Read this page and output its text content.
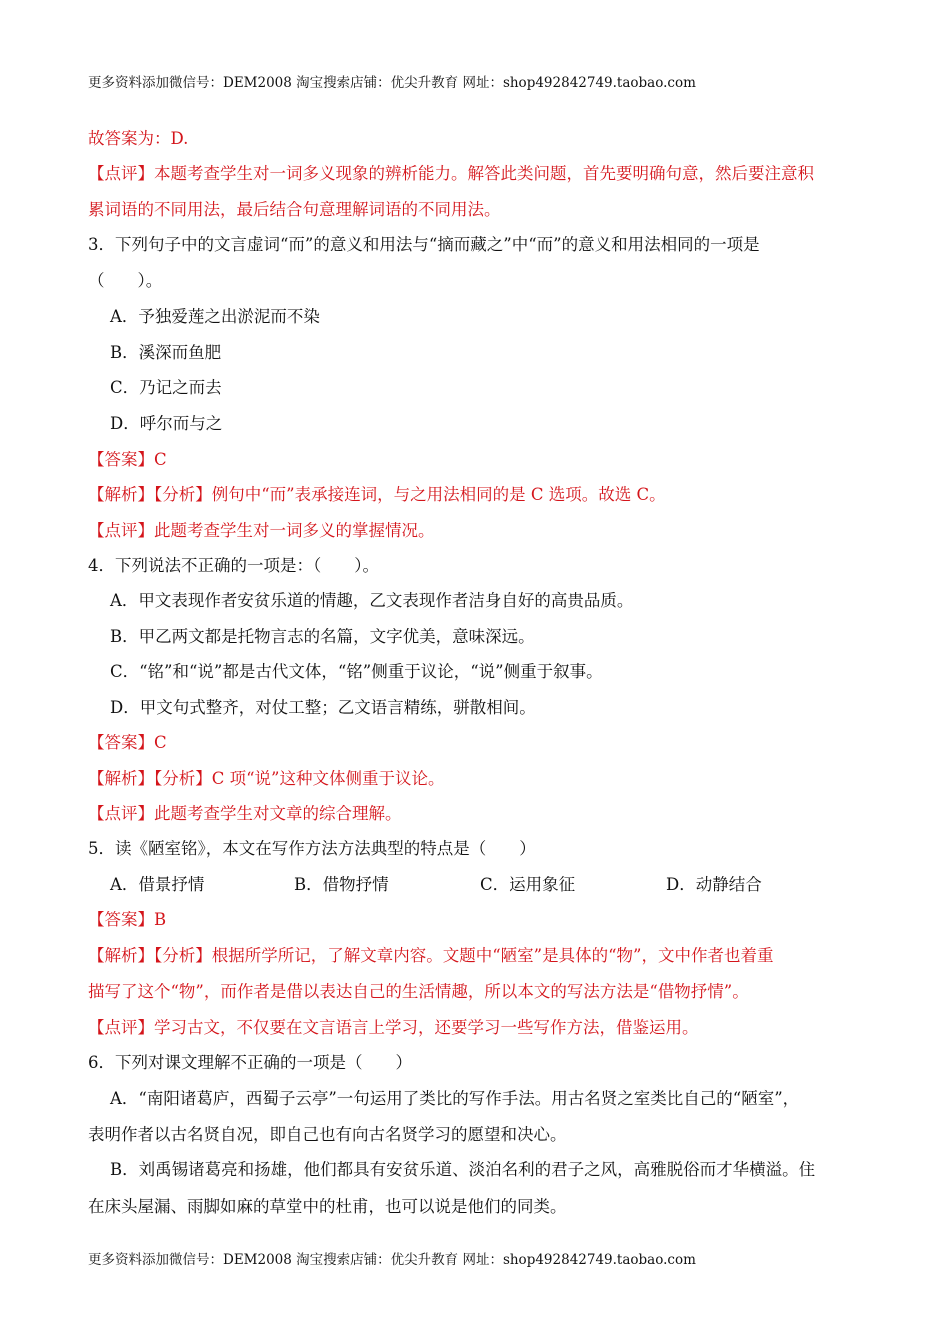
更多资料添加微信号：DEM2008 淘宝搜索店铺：优尖升教育 网址：shop492842749.taobao.com
故答案为：D.
【点评】本题考查学生对一词多义现象的辨析能力。解答此类问题，首先要明确句意，然后要注意积
累词语的不同用法，最后结合句意理解词语的不同用法。
3．下列句子中的文言虚词“而”的意义和用法与“摘而藏之”中“而”的意义和用法相同的一项是
（　　）。
A．予独爱莲之出淤泥而不染
B．溪深而鱼肥
C．乃记之而去
D．呼尔而与之
【答案】C
【解析】【分析】例句中“而”表承接连词，与之用法相同的是 C 选项。故选 C。
【点评】此题考查学生对一词多义的掌握情况。
4．下列说法不正确的一项是：（　　）。
A．甲文表现作者安贫乐道的情趣，乙文表现作者洁身自好的高贵品质。
B．甲乙两文都是托物言志的名篇，文字优美，意味深远。
C．“铭”和“说”都是古代文体，“铭”侧重于议论，“说”侧重于叙事。
D．甲文句式整齐，对仗工整；乙文语言精练，骈散相间。
【答案】C
【解析】【分析】C 项“说”这种文体侧重于议论。
【点评】此题考查学生对文章的综合理解。
5．读《陋室铭》，本文在写作方法方法典型的特点是（　　）
A．借景抒情	B．借物抒情	C．运用象征	D．动静结合
【答案】B
【解析】【分析】根据所学所记，了解文章内容。文题中“陋室”是具体的“物”，文中作者也着重
描写了这个“物”，而作者是借以表达自己的生活情趣，所以本文的写法方法是“借物抒情”。
【点评】学习古文，不仅要在文言语言上学习，还要学习一些写作方法，借鉴运用。
6．下列对课文理解不正确的一项是（　　）
A．“南阳诸葛庐，西蜀子云亭”一句运用了类比的写作手法。用古名贤之室类比自己的“陋室”，
表明作者以古名贤自况，即自己也有向古名贤学习的愿望和决心。
B．刘禹锡诸葛亮和扬雄，他们都具有安贫乐道、淡泊名利的君子之风，高雅脱俗而才华横溢。住
在床头屋漏、雨脚如麻的草堂中的杜甫，也可以说是他们的同类。
更多资料添加微信号：DEM2008 淘宝搜索店铺：优尖升教育 网址：shop492842749.taobao.com
